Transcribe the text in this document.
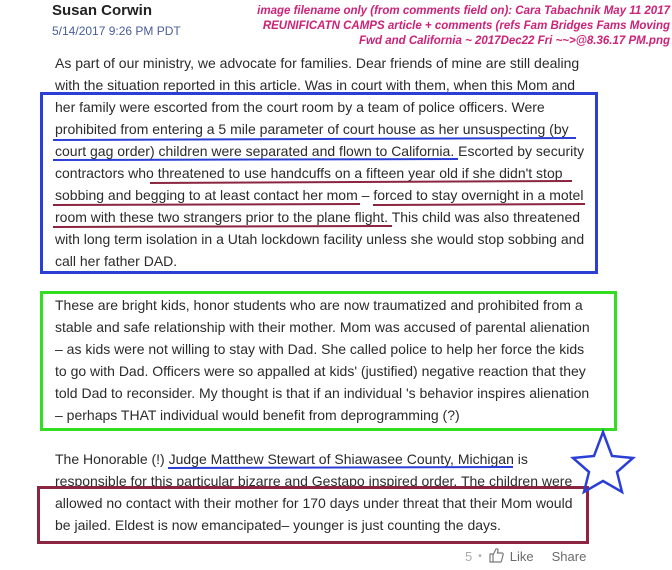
Susan Corwin
5/14/2017 9:26 PM PDT
image filename only (from comments field on): Cara Tabachnik May 11 2017 REUNIFICATN CAMPS article + comments (refs Fam Bridges Fams Moving Fwd and California ~ 2017Dec22 Fri ~~>@8.36.17 PM.png

As part of our ministry, we advocate for families. Dear friends of mine are still dealing with the situation reported in this article. Was in court with them, when this Mom and her family were escorted from the court room by a team of police officers. Were prohibited from entering a 5 mile parameter of court house as her unsuspecting (by court gag order) children were separated and flown to California. Escorted by security contractors who threatened to use handcuffs on a fifteen year old if she didn't stop sobbing and begging to at least contact her mom – forced to stay overnight in a motel room with these two strangers prior to the plane flight. This child was also threatened with long term isolation in a Utah lockdown facility unless she would stop sobbing and call her father DAD.

These are bright kids, honor students who are now traumatized and prohibited from a stable and safe relationship with their mother. Mom was accused of parental alienation – as kids were not willing to stay with Dad. She called police to help her force the kids to go with Dad. Officers were so appalled at kids' (justified) negative reaction that they told Dad to reconsider. My thought is that if an individual 's behavior inspires alienation – perhaps THAT individual would benefit from deprogramming (?)

The Honorable (!) Judge Matthew Stewart of Shiawasee County, Michigan is responsible for this particular bizarre and Gestapo inspired order. The children were

allowed no contact with their mother for 170 days under threat that their Mom would be jailed. Eldest is now emancipated– younger is just counting the days.

5 • Like Share
